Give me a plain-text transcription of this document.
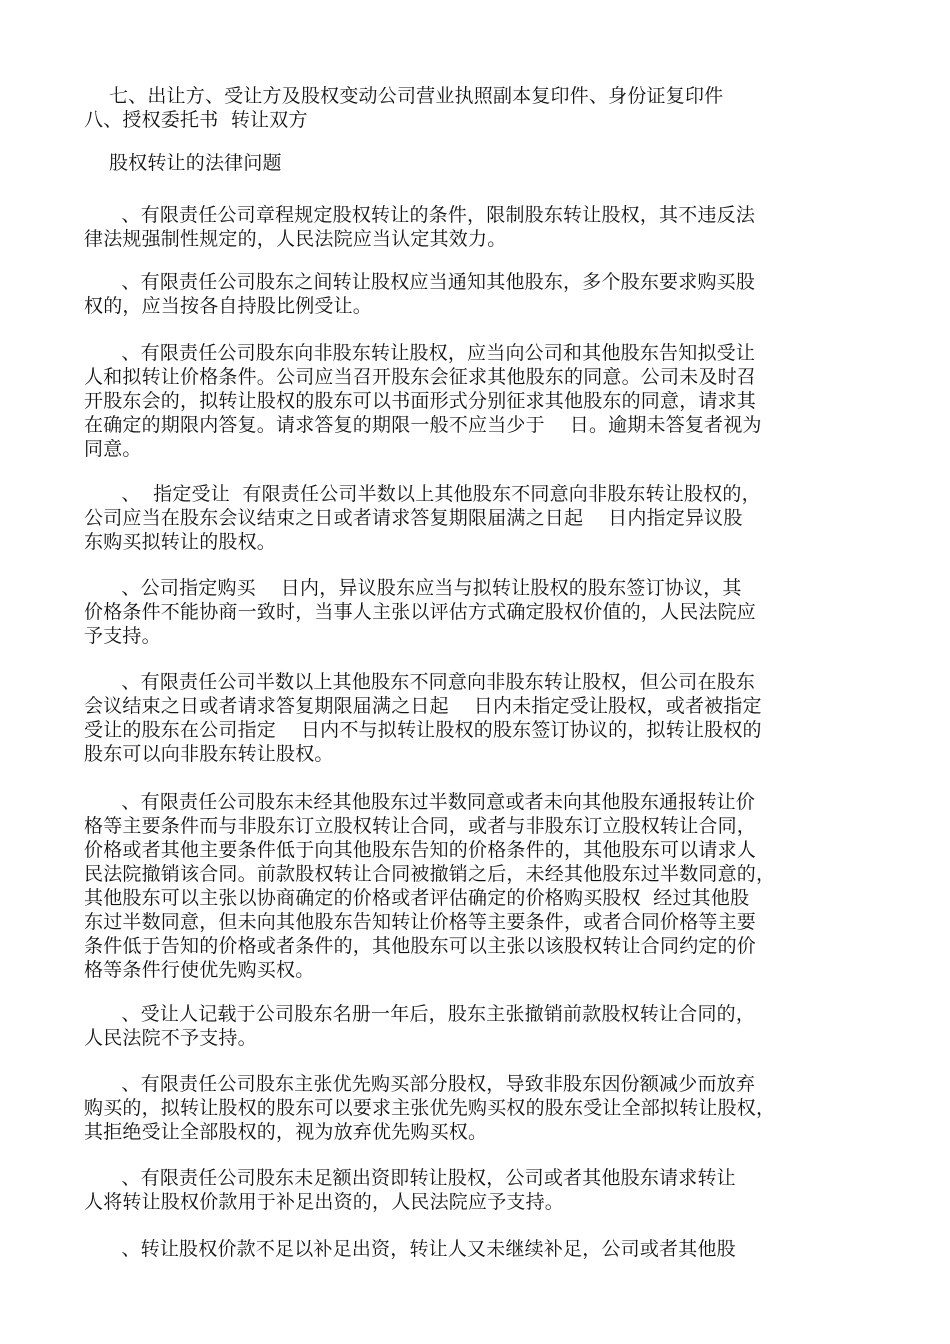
七、出让方、受让方及股权变动公司营业执照副本复印件、身份证复印件
八、授权委托书  转让双方
股权转让的法律问题
、有限责任公司章程规定股权转让的条件，限制股东转让股权，其不违反法
律法规强制性规定的，人民法院应当认定其效力。
、有限责任公司股东之间转让股权应当通知其他股东，多个股东要求购买股
权的，应当按各自持股比例受让。
、有限责任公司股东向非股东转让股权，应当向公司和其他股东告知拟受让
人和拟转让价格条件。公司应当召开股东会征求其他股东的同意。公司未及时召
开股东会的，拟转让股权的股东可以书面形式分别征求其他股东的同意，请求其
在确定的期限内答复。请求答复的期限一般不应当少于    日。逾期未答复者视为
同意。
、  指定受让  有限责任公司半数以上其他股东不同意向非股东转让股权的，
公司应当在股东会议结束之日或者请求答复期限届满之日起    日内指定异议股
东购买拟转让的股权。
、公司指定购买    日内，异议股东应当与拟转让股权的股东签订协议，其
价格条件不能协商一致时，当事人主张以评估方式确定股权价值的，人民法院应
予支持。
、有限责任公司半数以上其他股东不同意向非股东转让股权，但公司在股东
会议结束之日或者请求答复期限届满之日起    日内未指定受让股权，或者被指定
受让的股东在公司指定    日内不与拟转让股权的股东签订协议的，拟转让股权的
股东可以向非股东转让股权。
、有限责任公司股东未经其他股东过半数同意或者未向其他股东通报转让价
格等主要条件而与非股东订立股权转让合同，或者与非股东订立股权转让合同，
价格或者其他主要条件低于向其他股东告知的价格条件的，其他股东可以请求人
民法院撤销该合同。前款股权转让合同被撤销之后，未经其他股东过半数同意的，
其他股东可以主张以协商确定的价格或者评估确定的价格购买股权  经过其他股
东过半数同意，但未向其他股东告知转让价格等主要条件，或者合同价格等主要
条件低于告知的价格或者条件的，其他股东可以主张以该股权转让合同约定的价
格等条件行使优先购买权。
、受让人记载于公司股东名册一年后，股东主张撤销前款股权转让合同的，
人民法院不予支持。
、有限责任公司股东主张优先购买部分股权，导致非股东因份额减少而放弃
购买的，拟转让股权的股东可以要求主张优先购买权的股东受让全部拟转让股权，
其拒绝受让全部股权的，视为放弃优先购买权。
、有限责任公司股东未足额出资即转让股权，公司或者其他股东请求转让
人将转让股权价款用于补足出资的，人民法院应予支持。
、转让股权价款不足以补足出资，转让人又未继续补足，公司或者其他股
